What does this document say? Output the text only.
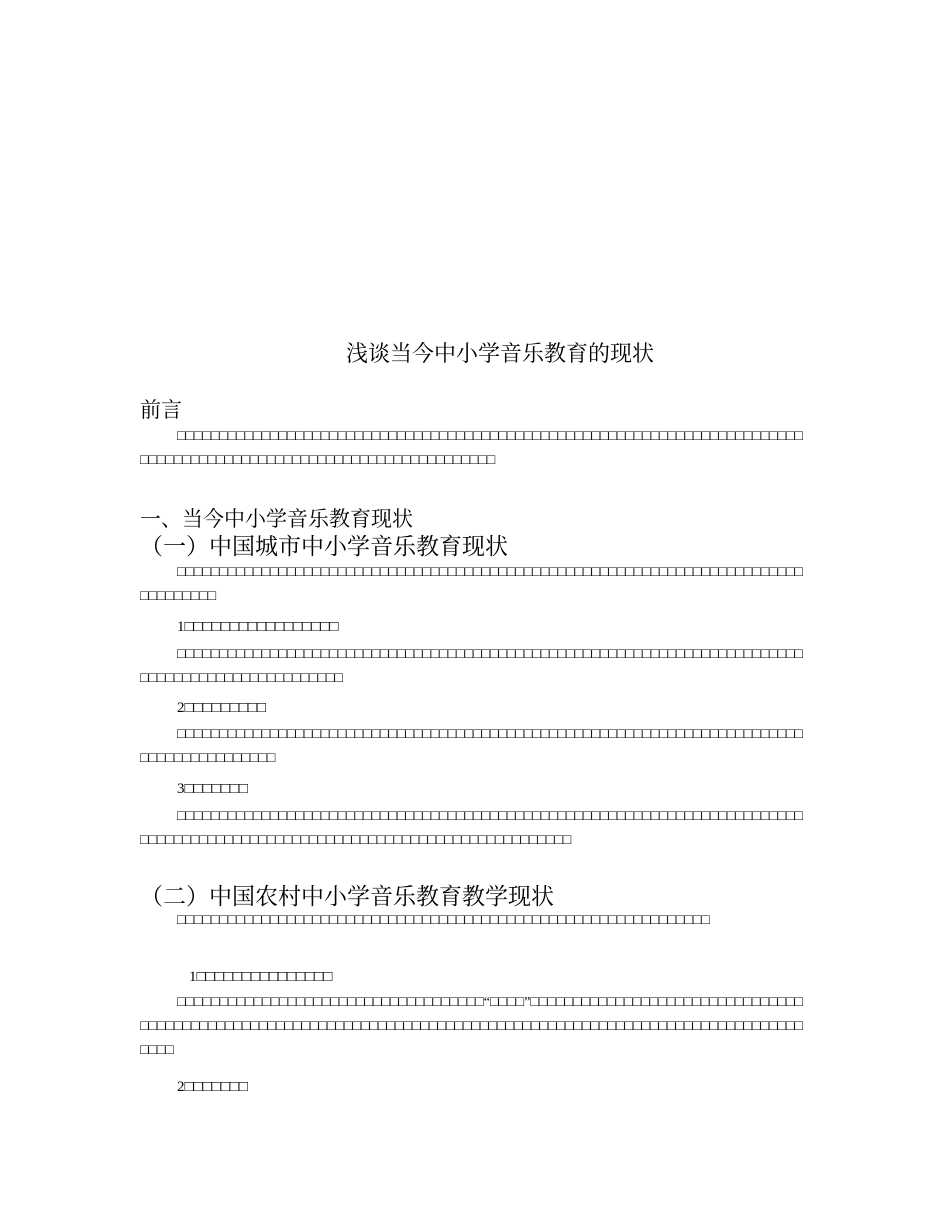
浅谈当今中小学音乐教育的现状
前言
□□□□□□□□□□□□□□□□□□□□□□□□□□□□□□□□□□□□□□□□□□□□□□□□□□□□□□□□□□□□□□□□□□□□□□□□□□□□□□□□□□□□□□□□□□□□□□□□□□□□□□□□□□□□□□□□□□□□
一、当今中小学音乐教育现状
（一）中国城市中小学音乐教育现状
□□□□□□□□□□□□□□□□□□□□□□□□□□□□□□□□□□□□□□□□□□□□□□□□□□□□□□□□□□□□□□□□□□□□□□□□□□□□□□□□□□□
1□□□□□□□□□□□□□□□□□
□□□□□□□□□□□□□□□□□□□□□□□□□□□□□□□□□□□□□□□□□□□□□□□□□□□□□□□□□□□□□□□□□□□□□□□□□□□□□□□□□□□□□□□□□□□□□□□□□□
2□□□□□□□□□
□□□□□□□□□□□□□□□□□□□□□□□□□□□□□□□□□□□□□□□□□□□□□□□□□□□□□□□□□□□□□□□□□□□□□□□□□□□□□□□□□□□□□□□□□□
3□□□□□□□
□□□□□□□□□□□□□□□□□□□□□□□□□□□□□□□□□□□□□□□□□□□□□□□□□□□□□□□□□□□□□□□□□□□□□□□□□□□□□□□□□□□□□□□□□□□□□□□□□□□□□□□□□□□□□□□□□□□□□□□□□□□□□
（二）中国农村中小学音乐教育教学现状
□□□□□□□□□□□□□□□□□□□□□□□□□□□□□□□□□□□□□□□□□□□□□□□□□□□□□□□□□□□□□□□
1□□□□□□□□□□□□□□□
□□□□□□□□□□□□□□□□□□□□□□□□□□□□□□□□□□□□“□□□□”□□□□□□□□□□□□□□□□□□□□□□□□□□□□□□□□□□□□□□□□□□□□□□□□□□□□□□□□□□□□□□□□□□□□□□□□□□□□□□□□□□□□□□□□□□□□□□□□□□□□□□□□□□□□□□□□□□
2□□□□□□□
